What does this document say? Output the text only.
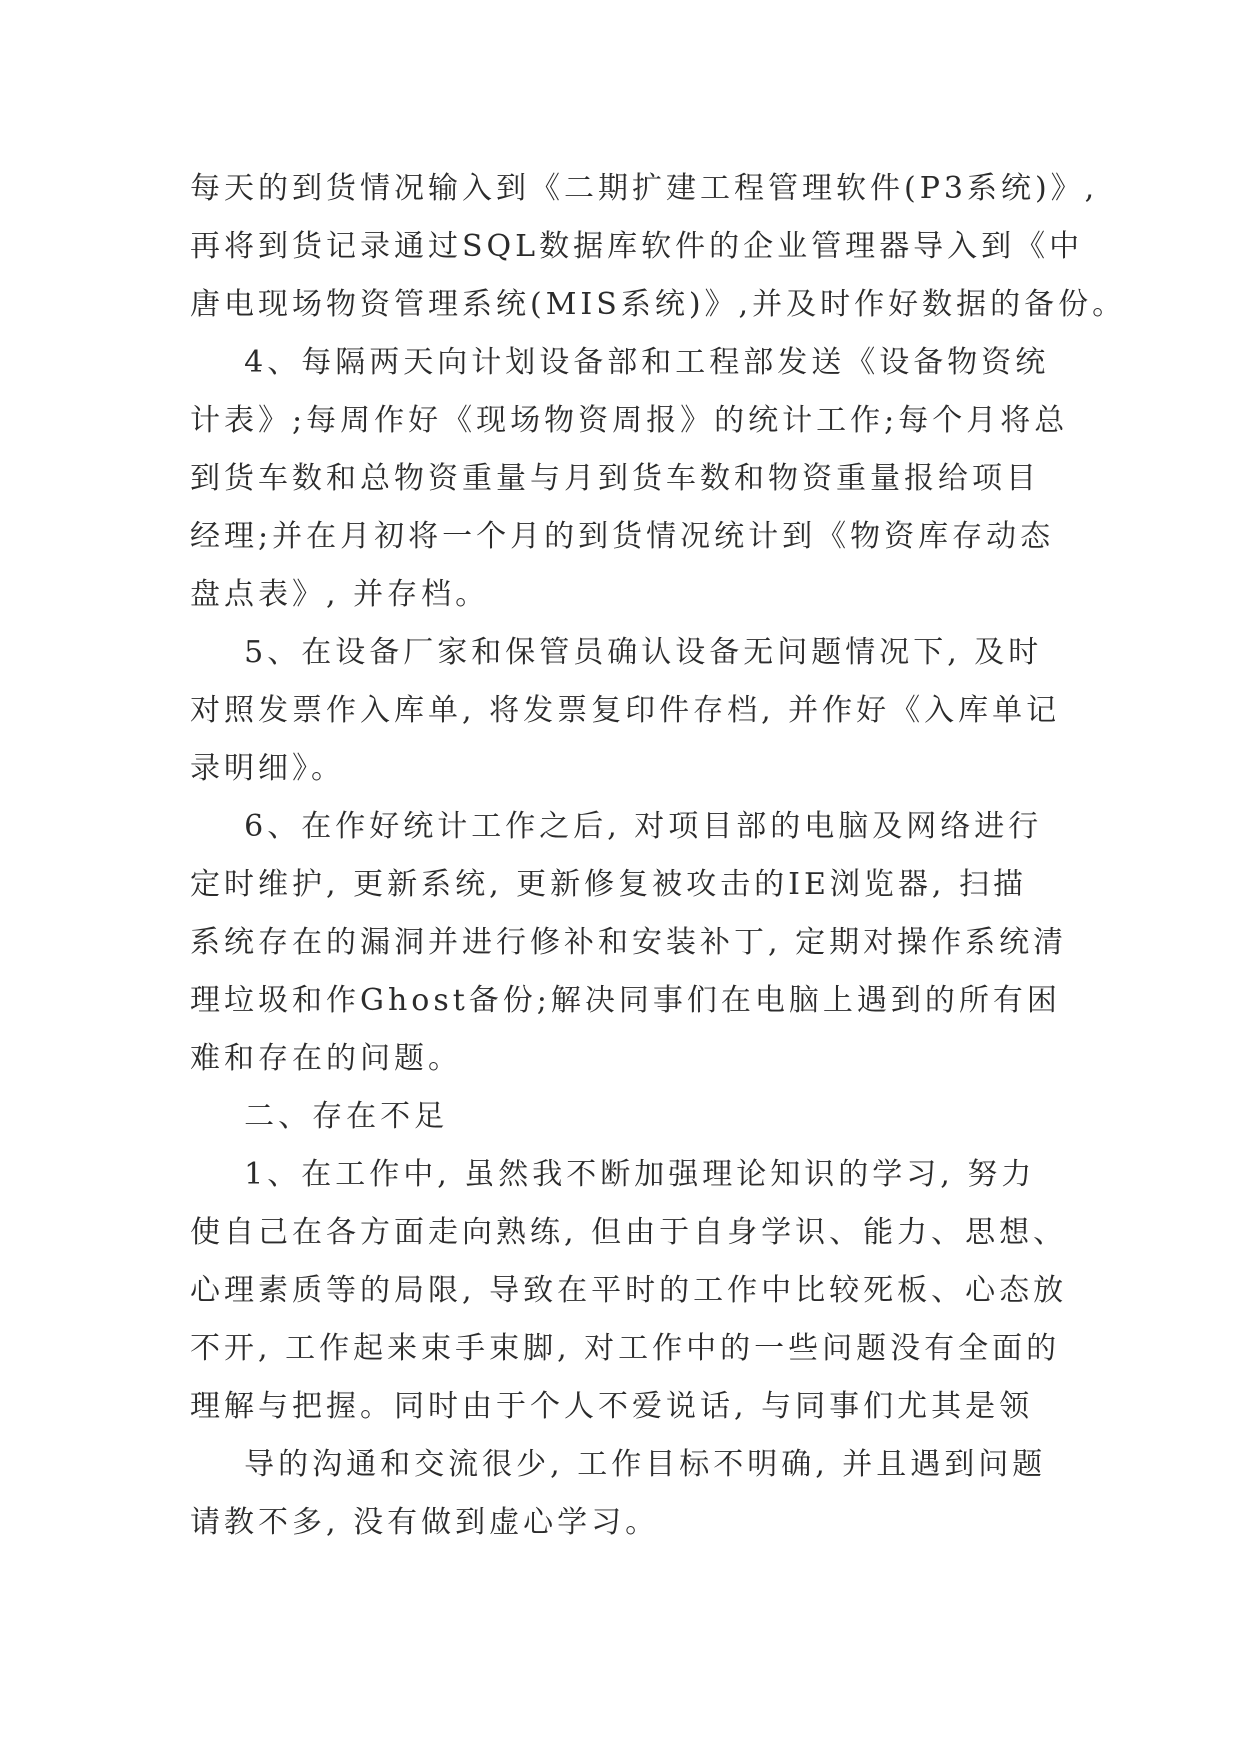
每天的到货情况输入到《二期扩建工程管理软件(P3系统)》,
再将到货记录通过SQL数据库软件的企业管理器导入到《中
唐电现场物资管理系统(MIS系统)》,并及时作好数据的备份。
4、每隔两天向计划设备部和工程部发送《设备物资统
计表》;每周作好《现场物资周报》的统计工作;每个月将总
到货车数和总物资重量与月到货车数和物资重量报给项目
经理;并在月初将一个月的到货情况统计到《物资库存动态
盘点表》, 并存档。
5、在设备厂家和保管员确认设备无问题情况下, 及时
对照发票作入库单, 将发票复印件存档, 并作好《入库单记
录明细》。
6、在作好统计工作之后, 对项目部的电脑及网络进行
定时维护, 更新系统, 更新修复被攻击的IE浏览器, 扫描
系统存在的漏洞并进行修补和安装补丁, 定期对操作系统清
理垃圾和作Ghost备份;解决同事们在电脑上遇到的所有困
难和存在的问题。
二、存在不足
1、在工作中, 虽然我不断加强理论知识的学习, 努力
使自己在各方面走向熟练, 但由于自身学识、能力、思想、
心理素质等的局限, 导致在平时的工作中比较死板、心态放
不开, 工作起来束手束脚, 对工作中的一些问题没有全面的
理解与把握。同时由于个人不爱说话, 与同事们尤其是领
导的沟通和交流很少, 工作目标不明确, 并且遇到问题
请教不多, 没有做到虚心学习。
